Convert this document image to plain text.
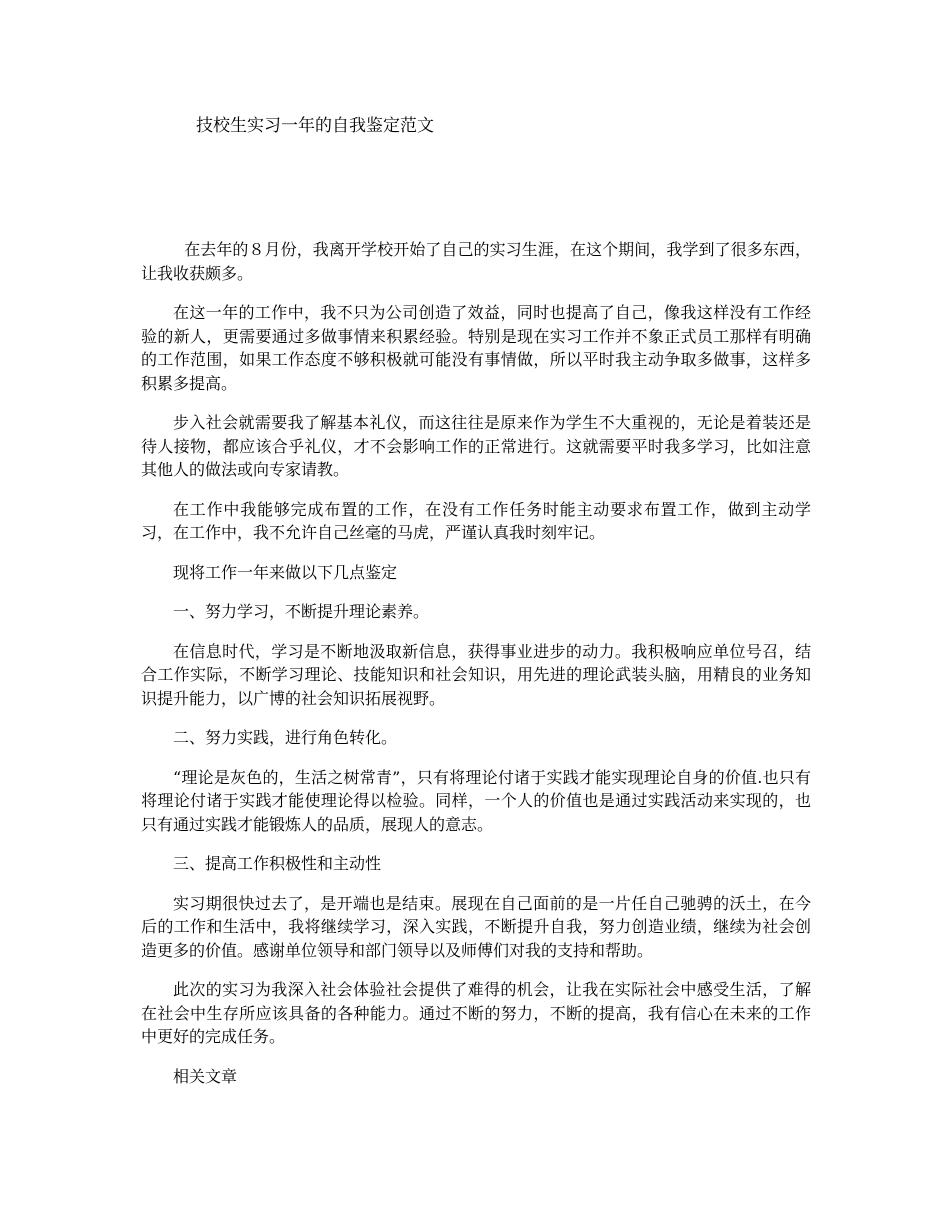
技校生实习一年的自我鉴定范文

在去年的８月份，我离开学校开始了自己的实习生涯，在这个期间，我学到了很多东西，让我收获颇多。

在这一年的工作中，我不只为公司创造了效益，同时也提高了自己，像我这样没有工作经验的新人，更需要通过多做事情来积累经验。特别是现在实习工作并不象正式员工那样有明确的工作范围，如果工作态度不够积极就可能没有事情做，所以平时我主动争取多做事，这样多积累多提高。

步入社会就需要我了解基本礼仪，而这往往是原来作为学生不大重视的，无论是着装还是待人接物，都应该合乎礼仪，才不会影响工作的正常进行。这就需要平时我多学习，比如注意其他人的做法或向专家请教。

在工作中我能够完成布置的工作，在没有工作任务时能主动要求布置工作，做到主动学习，在工作中，我不允许自己丝毫的马虎，严谨认真我时刻牢记。

现将工作一年来做以下几点鉴定

一、努力学习，不断提升理论素养。

在信息时代，学习是不断地汲取新信息，获得事业进步的动力。我积极响应单位号召，结合工作实际，不断学习理论、技能知识和社会知识，用先进的理论武装头脑，用精良的业务知识提升能力，以广博的社会知识拓展视野。

二、努力实践，进行角色转化。

“理论是灰色的，生活之树常青”，只有将理论付诸于实践才能实现理论自身的价值.也只有将理论付诸于实践才能使理论得以检验。同样，一个人的价值也是通过实践活动来实现的，也只有通过实践才能锻炼人的品质，展现人的意志。

三、提高工作积极性和主动性

实习期很快过去了，是开端也是结束。展现在自己面前的是一片任自己驰骋的沃土，在今后的工作和生活中，我将继续学习，深入实践，不断提升自我，努力创造业绩，继续为社会创造更多的价值。感谢单位领导和部门领导以及师傅们对我的支持和帮助。

此次的实习为我深入社会体验社会提供了难得的机会，让我在实际社会中感受生活，了解在社会中生存所应该具备的各种能力。通过不断的努力，不断的提高，我有信心在未来的工作中更好的完成任务。

相关文章
